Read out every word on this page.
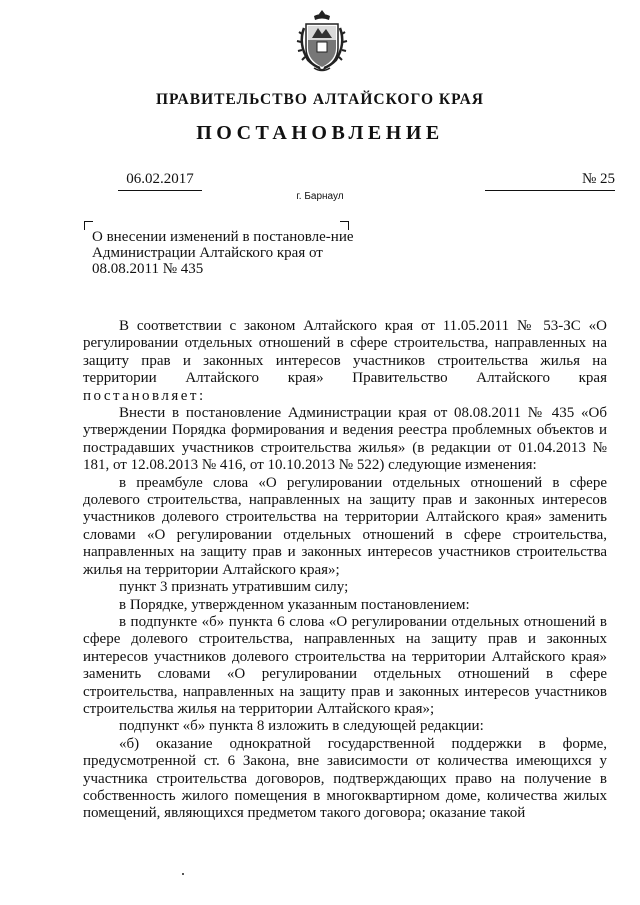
ПРАВИТЕЛЬСТВО АЛТАЙСКОГО КРАЯ
ПОСТАНОВЛЕНИЕ
06.02.2017	№ 25
г. Барнаул
О внесении изменений в постановле-ние Администрации Алтайского края от 08.08.2011 № 435

В соответствии с законом Алтайского края от 11.05.2011 № 53-ЗС «О регулировании отдельных отношений в сфере строительства, направленных на защиту прав и законных интересов участников строительства жилья на территории Алтайского края» Правительство Алтайского края постановляет:

Внести в постановление Администрации края от 08.08.2011 № 435 «Об утверждении Порядка формирования и ведения реестра проблемных объектов и пострадавших участников строительства жилья» (в редакции от 01.04.2013 № 181, от 12.08.2013 № 416, от 10.10.2013 № 522) следующие изменения:

в преамбуле слова «О регулировании отдельных отношений в сфере долевого строительства, направленных на защиту прав и законных интересов участников долевого строительства на территории Алтайского края» заменить словами «О регулировании отдельных отношений в сфере строительства, направленных на защиту прав и законных интересов участников строительства жилья на территории Алтайского края»;

пункт 3 признать утратившим силу;

в Порядке, утвержденном указанным постановлением:

в подпункте «б» пункта 6 слова «О регулировании отдельных отношений в сфере долевого строительства, направленных на защиту прав и законных интересов участников долевого строительства на территории Алтайского края» заменить словами «О регулировании отдельных отношений в сфере строительства, направленных на защиту прав и законных интересов участников строительства жилья на территории Алтайского края»;

подпункт «б» пункта 8 изложить в следующей редакции:

«б) оказание однократной государственной поддержки в форме, предусмотренной ст. 6 Закона, вне зависимости от количества имеющихся у участника строительства договоров, подтверждающих право на получение в собственность жилого помещения в многоквартирном доме, количества жилых помещений, являющихся предметом такого договора; оказание такой
